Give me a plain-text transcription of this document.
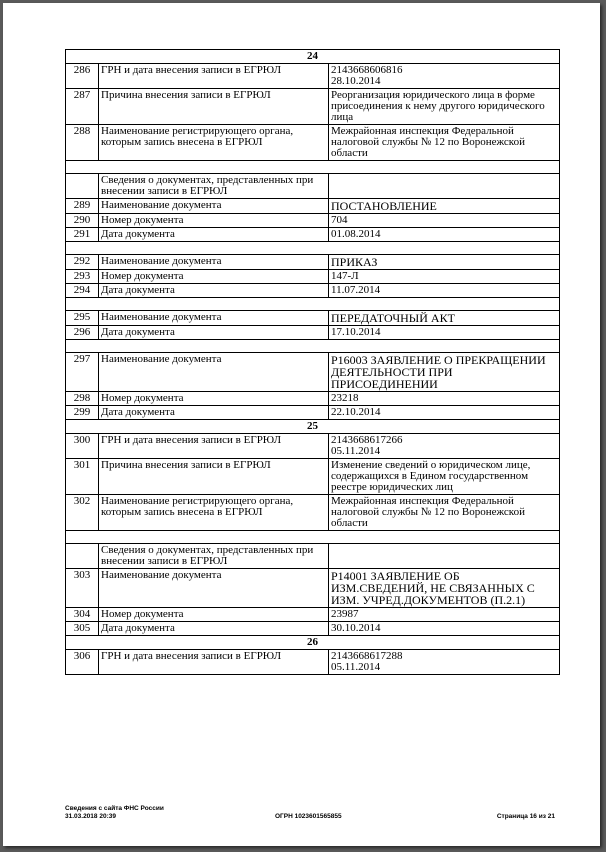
24		
286	ГРН и дата внесения записи в ЕГРЮЛ	2143668606816
28.10.2014
287	Причина внесения записи в ЕГРЮЛ	Реорганизация юридического лица в форме присоединения к нему другого юридического лица
288	Наименование регистрирующего органа, которым запись внесена в ЕГРЮЛ	Межрайонная инспекция Федеральной налоговой службы № 12 по Воронежской области

	Сведения о документах, представленных при внесении записи в ЕГРЮЛ	
289	Наименование документа	ПОСТАНОВЛЕНИЕ
290	Номер документа	704
291	Дата документа	01.08.2014

292	Наименование документа	ПРИКАЗ
293	Номер документа	147-Л
294	Дата документа	11.07.2014

295	Наименование документа	ПЕРЕДАТОЧНЫЙ АКТ
296	Дата документа	17.10.2014

297	Наименование документа	Р16003 ЗАЯВЛЕНИЕ О ПРЕКРАЩЕНИИ ДЕЯТЕЛЬНОСТИ ПРИ ПРИСОЕДИНЕНИИ
298	Номер документа	23218
299	Дата документа	22.10.2014
25		
300	ГРН и дата внесения записи в ЕГРЮЛ	2143668617266
05.11.2014
301	Причина внесения записи в ЕГРЮЛ	Изменение сведений о юридическом лице, содержащихся в Едином государственном реестре юридических лиц
302	Наименование регистрирующего органа, которым запись внесена в ЕГРЮЛ	Межрайонная инспекция Федеральной налоговой службы № 12 по Воронежской области

	Сведения о документах, представленных при внесении записи в ЕГРЮЛ	
303	Наименование документа	Р14001 ЗАЯВЛЕНИЕ ОБ ИЗМ.СВЕДЕНИЙ, НЕ СВЯЗАННЫХ С ИЗМ. УЧРЕД.ДОКУМЕНТОВ (П.2.1)
304	Номер документа	23987
305	Дата документа	30.10.2014
26		
306	ГРН и дата внесения записи в ЕГРЮЛ	2143668617288
05.11.2014
Сведения с сайта ФНС России
31.03.2018 20:39	ОГРН 1023601565855	Страница 16 из 21
